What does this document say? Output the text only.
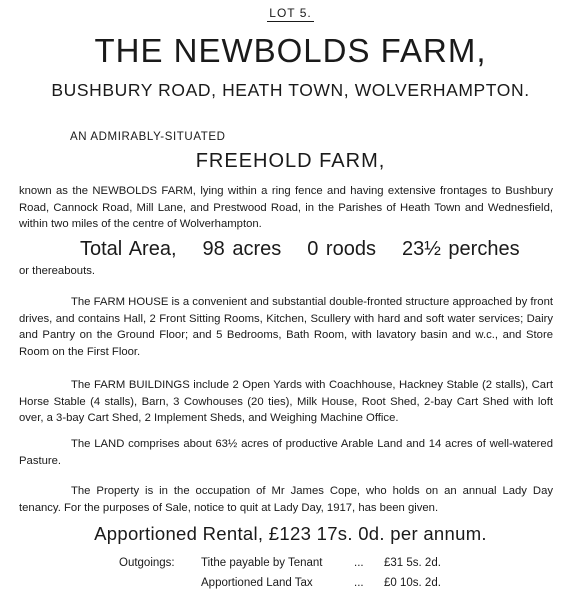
LOT 5.
THE NEWBOLDS FARM,
BUSHBURY ROAD, HEATH TOWN, WOLVERHAMPTON.
AN ADMIRABLY-SITUATED
FREEHOLD FARM,
known as the NEWBOLDS FARM, lying within a ring fence and having extensive frontages to Bushbury Road, Cannock Road, Mill Lane, and Prestwood Road, in the Parishes of Heath Town and Wednesfield, within two miles of the centre of Wolverhampton.
Total Area, 98 acres 0 roods 23½ perches
or thereabouts.
The FARM HOUSE is a convenient and substantial double-fronted structure approached by front drives, and contains Hall, 2 Front Sitting Rooms, Kitchen, Scullery with hard and soft water services; Dairy and Pantry on the Ground Floor; and 5 Bedrooms, Bath Room, with lavatory basin and w.c., and Store Room on the First Floor.
The FARM BUILDINGS include 2 Open Yards with Coachhouse, Hackney Stable (2 stalls), Cart Horse Stable (4 stalls), Barn, 3 Cowhouses (20 ties), Milk House, Root Shed, 2-bay Cart Shed with loft over, a 3-bay Cart Shed, 2 Implement Sheds, and Weighing Machine Office.
The LAND comprises about 63½ acres of productive Arable Land and 14 acres of well-watered Pasture.
The Property is in the occupation of Mr James Cope, who holds on an annual Lady Day tenancy. For the purposes of Sale, notice to quit at Lady Day, 1917, has been given.
Apportioned Rental, £123 17s. 0d. per annum.
Outgoings: Tithe payable by Tenant	... £31 5s. 2d.
Apportioned Land Tax	... £0 10s. 2d.
